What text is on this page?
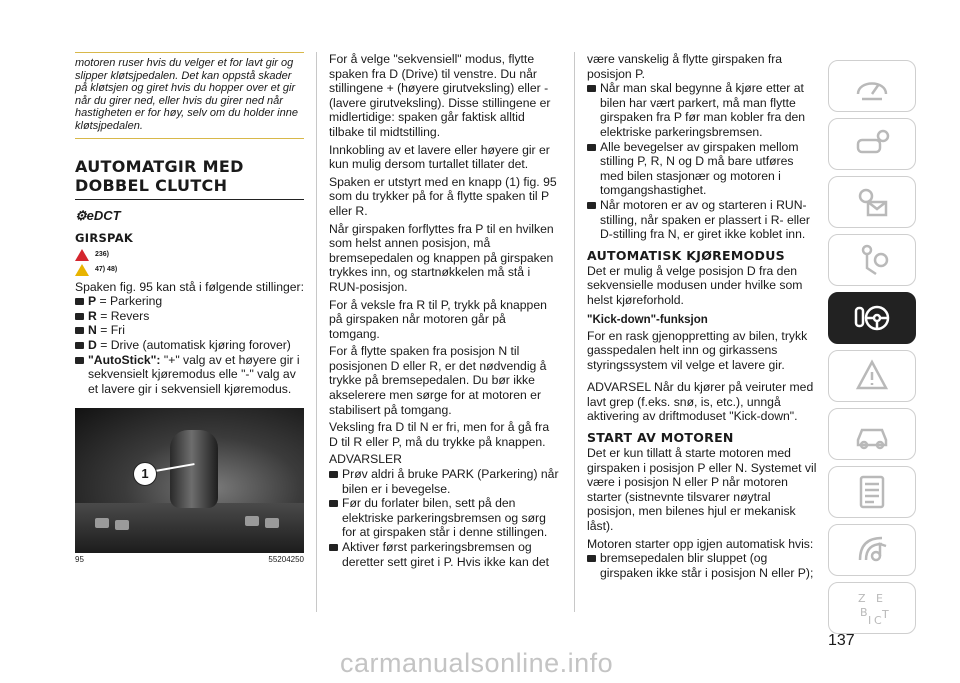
motoren ruser hvis du velger et for lavt gir og slipper kløtsjpedalen. Det kan oppstå skader på kløtsjen og giret hvis du hopper over et gir når du girer ned, eller hvis du girer ned når hastigheten er for høy, selv om du holder inne kløtsjpedalen.
AUTOMATGIR MED DOBBEL CLUTCH
⚙eDCT
GIRSPAK
236)
47) 48)

Spaken fig. 95 kan stå i følgende stillinger:

P = Parkering
R = Revers
N = Fri
D = Drive (automatisk kjøring forover)
"AutoStick": "+" valg av et høyere gir i sekvensielt kjøremodus elle "-" valg av et lavere gir i sekvensiell kjøremodus.
1
95	55204250

For å velge "sekvensiell" modus, flytte spaken fra D (Drive) til venstre. Du når stillingene + (høyere girutveksling) eller - (lavere girutveksling). Disse stillingene er midlertidige: spaken går faktisk alltid tilbake til midtstilling.

Innkobling av et lavere eller høyere gir er kun mulig dersom turtallet tillater det.

Spaken er utstyrt med en knapp (1) fig. 95 som du trykker på for å flytte spaken til P eller R.

Når girspaken forflyttes fra P til en hvilken som helst annen posisjon, må bremsepedalen og knappen på girspaken trykkes inn, og startnøkkelen må stå i RUN-posisjon.

For å veksle fra R til P, trykk på knappen på girspaken når motoren går på tomgang.

For å flytte spaken fra posisjon N til posisjonen D eller R, er det nødvendig å trykke på bremsepedalen. Du bør ikke akselerere men sørge for at motoren er stabilisert på tomgang.

Veksling fra D til N er fri, men for å gå fra D til R eller P, må du trykke på knappen.

ADVARSLER

Prøv aldri å bruke PARK (Parkering) når bilen er i bevegelse.
Før du forlater bilen, sett på den elektriske parkeringsbremsen og sørg for at girspaken står i denne stillingen.
Aktiver først parkeringsbremsen og deretter sett giret i P. Hvis ikke kan det

være vanskelig å flytte girspaken fra posisjon P.

Når man skal begynne å kjøre etter at bilen har vært parkert, må man flytte girspaken fra P før man kobler fra den elektriske parkeringsbremsen.
Alle bevegelser av girspaken mellom stilling P, R, N og D må bare utføres med bilen stasjonær og motoren i tomgangshastighet.
Når motoren er av og starteren i RUN-stilling, når spaken er plassert i R- eller D-stilling fra N, er giret ikke koblet inn.
AUTOMATISK KJØREMODUS

Det er mulig å velge posisjon D fra den sekvensielle modusen under hvilke som helst kjøreforhold.

"Kick-down"-funksjon

For en rask gjenoppretting av bilen, trykk gasspedalen helt inn og girkassens styringssystem vil velge et lavere gir.

ADVARSEL Når du kjører på veiruter med lavt grep (f.eks. snø, is, etc.), unngå aktivering av driftmoduset "Kick-down".

START AV MOTOREN

Det er kun tillatt å starte motoren med girspaken i posisjon P eller N. Systemet vil være i posisjon N eller P når motoren starter (sistnevnte tilsvarer nøytral posisjon, men bilenes hjul er mekanisk låst).

Motoren starter opp igjen automatisk hvis:

bremsepedalen blir sluppet (og girspaken ikke står i posisjon N eller P);
137
Z E
B
I C T
carmanualsonline.info
